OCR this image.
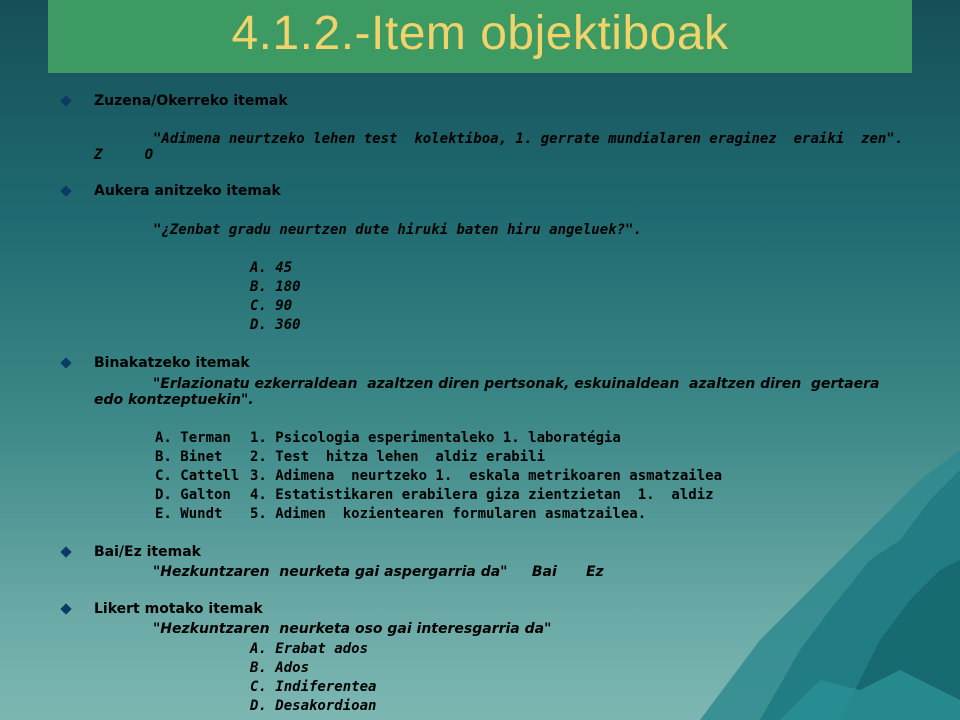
4.1.2.-Item objektiboak
Zuzena/Okerreko itemak
"Adimena neurtzeko lehen test  kolektiboa, 1. gerrate mundialaren eraginez  eraiki  zen".
Z     O
Aukera anitzeko itemak
"¿Zenbat gradu neurtzen dute hiruki baten hiru angeluek?".
A. 45
B. 180
C. 90
D. 360
Binakatzeko itemak
"Erlazionatu ezkerraldean  azaltzen diren pertsonak, eskuinaldean  azaltzen diren  gertaera
edo kontzeptuekin".
A. Terman 1. Psicologia esperimentaleko 1. laboratégia
B. Binet 2. Test  hitza lehen  aldiz erabili
C. Cattell 3. Adimena  neurtzeko 1.  eskala metrikoaren asmatzailea
D. Galton 4. Estatistikaren erabilera giza zientzietan  1.  aldiz
E. Wundt 5. Adimen  kozientearen formularen asmatzailea.
Bai/Ez itemak
"Hezkuntzaren  neurketa gai aspergarria da"     Bai      Ez
Likert motako itemak
"Hezkuntzaren  neurketa oso gai interesgarria da"
A. Erabat ados
B. Ados
C. Indiferentea
D. Desakordioan
